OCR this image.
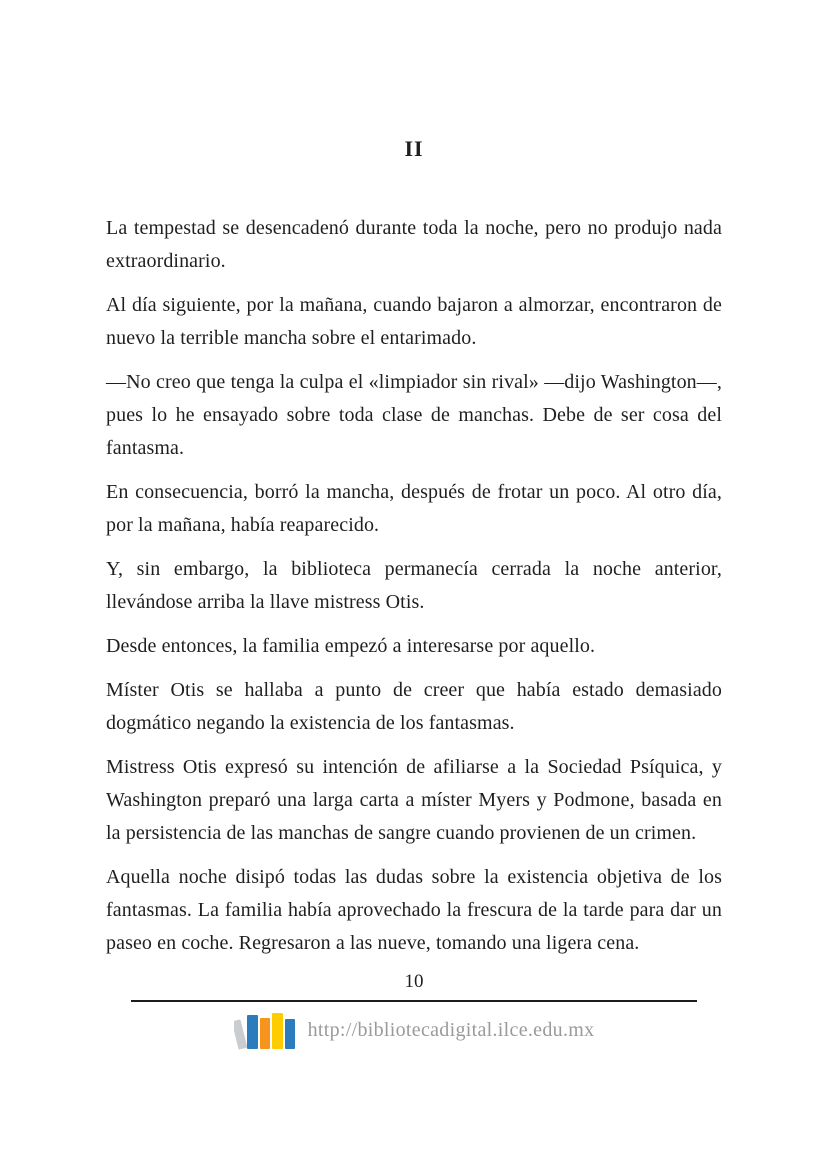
II

La tempestad se desencadenó durante toda la noche, pero no produjo nada extraordinario.

Al día siguiente, por la mañana, cuando bajaron a almorzar, encontraron de nuevo la terrible mancha sobre el entarimado.

—No creo que tenga la culpa el «limpiador sin rival» —dijo Washington—, pues lo he ensayado sobre toda clase de manchas. Debe de ser cosa del fantasma.

En consecuencia, borró la mancha, después de frotar un poco. Al otro día, por la mañana, había reaparecido.

Y, sin embargo, la biblioteca permanecía cerrada la noche anterior, llevándose arriba la llave mistress Otis.

Desde entonces, la familia empezó a interesarse por aquello.

Míster Otis se hallaba a punto de creer que había estado demasiado dogmático negando la existencia de los fantasmas.

Mistress Otis expresó su intención de afiliarse a la Sociedad Psíquica, y Washington preparó una larga carta a míster Myers y Podmone, basada en la persistencia de las manchas de sangre cuando provienen de un crimen.

Aquella noche disipó todas las dudas sobre la existencia objetiva de los fantasmas. La familia había aprovechado la frescura de la tarde para dar un paseo en coche. Regresaron a las nueve, tomando una ligera cena.

10
http://bibliotecadigital.ilce.edu.mx
